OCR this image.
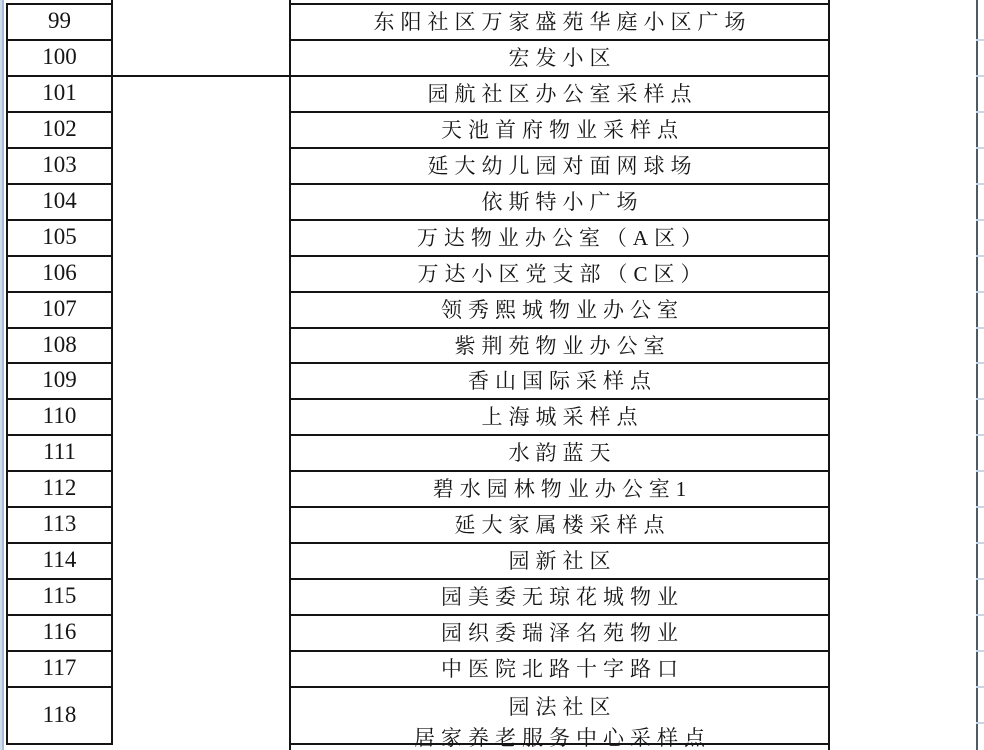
99	东阳社区万家盛苑华庭小区广场
100	宏发小区
101	园航社区办公室采样点
102	天池首府物业采样点
103	延大幼儿园对面网球场
104	依斯特小广场
105	万达物业办公室（A区）
106	万达小区党支部（C区）
107	领秀熙城物业办公室
108	紫荆苑物业办公室
109	香山国际采样点
110	上海城采样点
111	水韵蓝天
112	碧水园林物业办公室1
113	延大家属楼采样点
114	园新社区
115	园美委无琼花城物业
116	园织委瑞泽名苑物业
117	中医院北路十字路口
118	园法社区
居家养老服务中心采样点
